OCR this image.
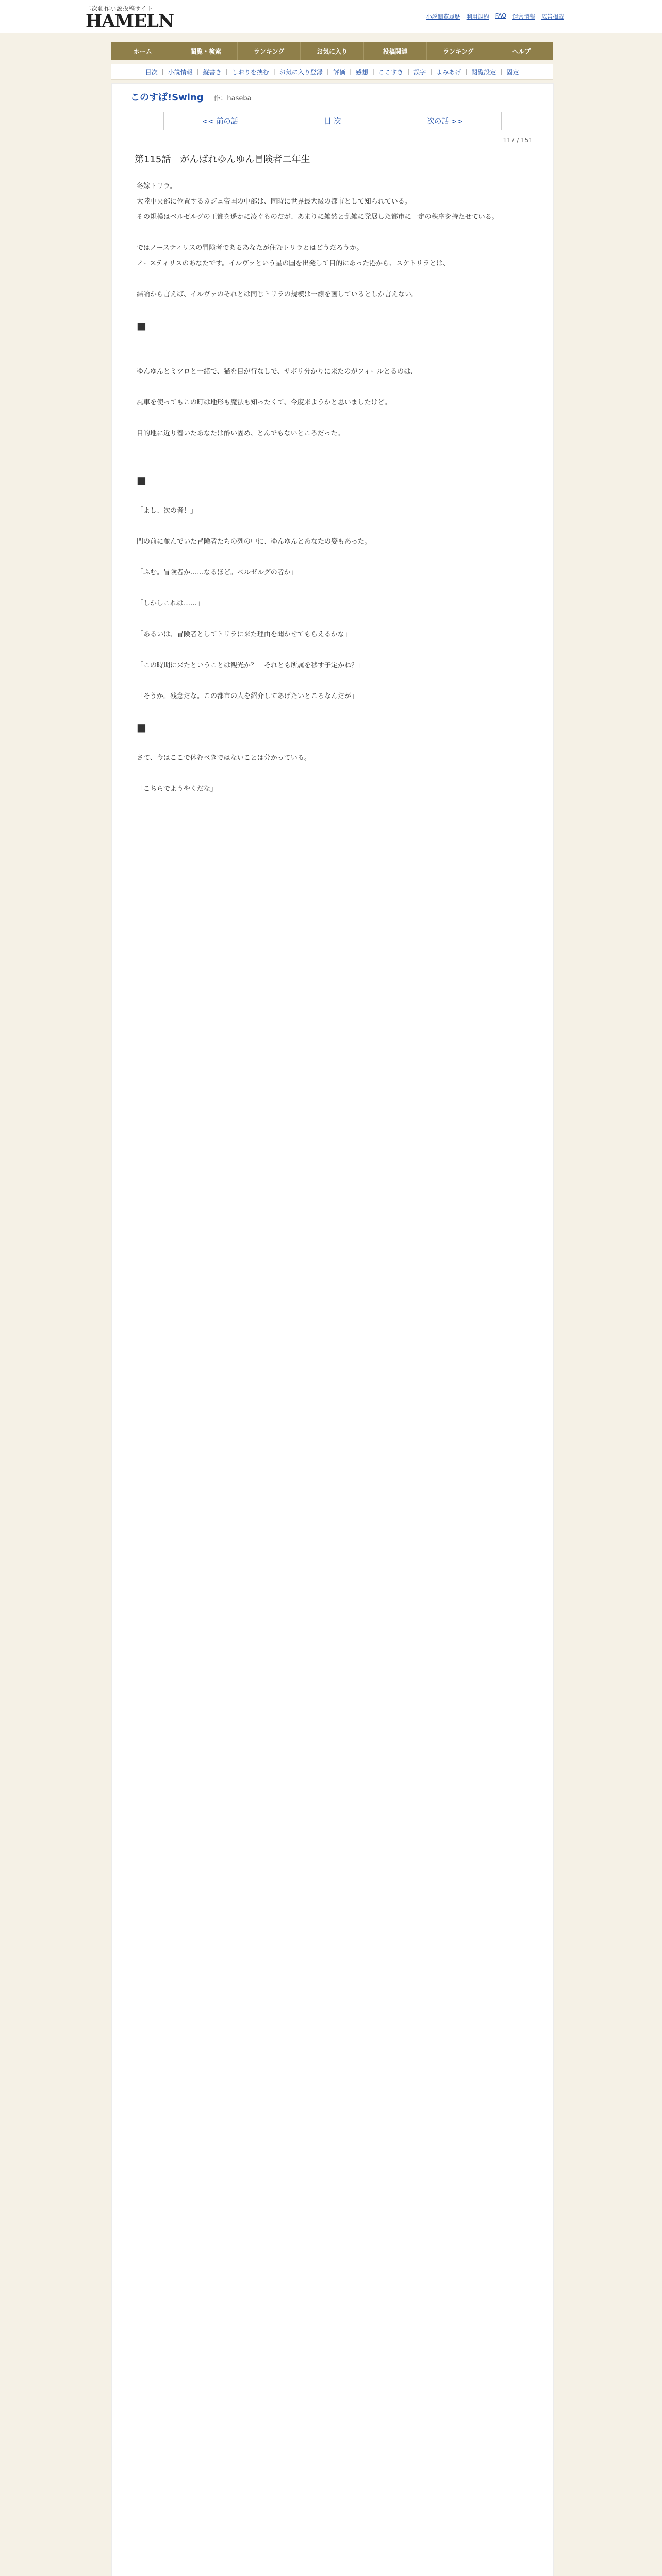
二次創作小説投稿サイト
HAMELN	小説閲覧履歴 利用規約 FAQ 運営情報 広告掲載
ホーム	閲覧・検索	ランキング	お気に入り	投稿関連	ランキング	ヘルプ
目次 | 小説情報 | 縦書き | しおりを挟む | お気に入り登録 | 評価 | 感想 | ここすき | 誤字 | よみあげ | 閲覧設定 | 固定
このすば!Swing 作：haseba
<< 前の話	目 次	次の話 >>
117 / 151
第115話　がんばれゆんゆん冒険者二年生
冬嫁トリラ。
大陸中央部に位置するカジュ帝国の中部は、同時に世界最大級の都市として知られている。
その規模はベルゼルグの王都を遥かに凌ぐものだが、あまりに雑然と乱雑に発展した都市に一定の秩序を持たせている。
ではノースティリスの冒険者であるあなたが住むトリラとはどうだろうか。
ノースティリスのあなたです。イルヴァという星の国を出発して目的にあった港から、スケトリラとは、
結論から言えば、イルヴァのそれとは同じトリラの規模は一線を画しているとしか言えない。
■
ゆんゆんとミツロと一緒で、猫を目が行なしで、サボリ分かりに来たのがフィールとるのは、
風車を使ってもこの町は地形も魔法も知ったくて、今度来ようかと思いましたけど。
目的地に近り着いたあなたは酔い固め、とんでもないところだった。
■
「よし、次の者！」
門の前に並んでいた冒険者たちの列の中に、ゆんゆんとあなたの姿もあった。
「ふむ。冒険者か……なるほど。ベルゼルグの者か」
「しかしこれは……」
「あるいは、冒険者としてトリラに来た理由を聞かせてもらえるかな」
「この時期に来たということは観光か？　それとも所属を移す予定かね？」
「そうか。残念だな。この都市の人を紹介してあげたいところなんだが」
■
さて、今はここで休むべきではないことは分かっている。
「こちらでようやくだな」
